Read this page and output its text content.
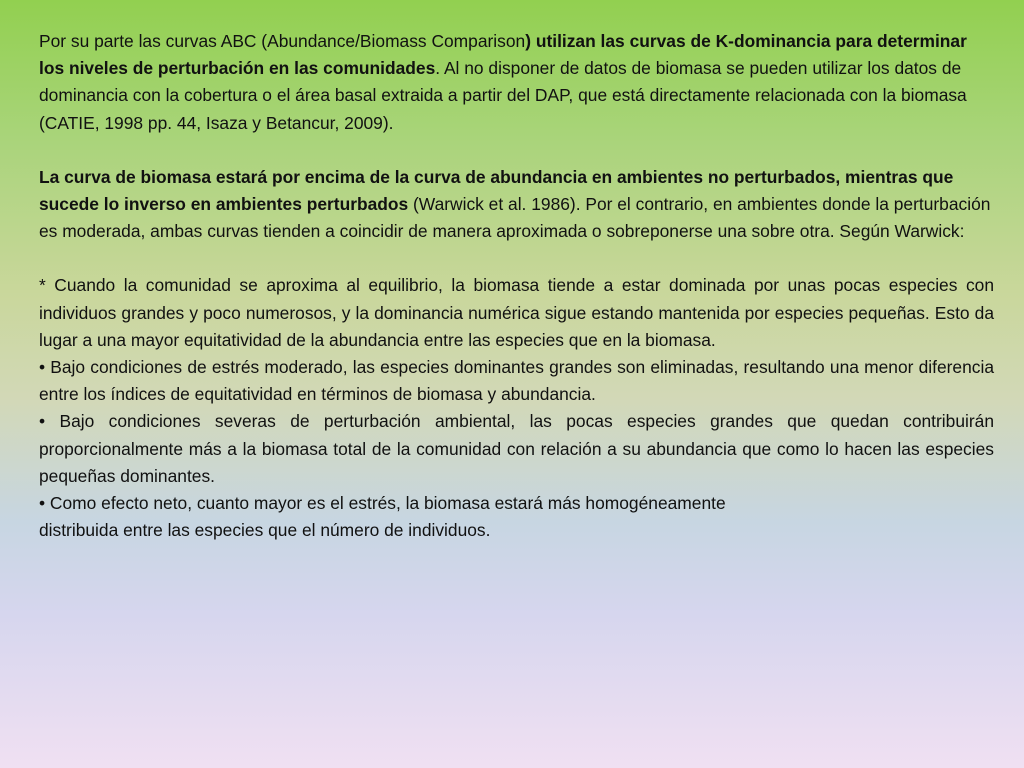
Por su parte las curvas ABC (Abundance/Biomass Comparison) utilizan las curvas de K-dominancia para determinar los niveles de perturbación en las comunidades. Al no disponer de datos de biomasa se pueden utilizar los datos de dominancia con la cobertura o el área basal extraida a partir del DAP, que está directamente relacionada con la biomasa (CATIE, 1998 pp. 44, Isaza y Betancur, 2009).

La curva de biomasa estará por encima de la curva de abundancia en ambientes no perturbados, mientras que sucede lo inverso en ambientes perturbados (Warwick et al. 1986). Por el contrario, en ambientes donde la perturbación es moderada, ambas curvas tienden a coincidir de manera aproximada o sobreponerse una sobre otra. Según Warwick:

* Cuando la comunidad se aproxima al equilibrio, la biomasa tiende a estar dominada por unas pocas especies con individuos grandes y poco numerosos, y la dominancia numérica sigue estando mantenida por especies pequeñas. Esto da lugar a una mayor equitatividad de la abundancia entre las especies que en la biomasa.

• Bajo condiciones de estrés moderado, las especies dominantes grandes son eliminadas, resultando una menor diferencia entre los índices de equitatividad en términos de biomasa y abundancia.

• Bajo condiciones severas de perturbación ambiental, las pocas especies grandes que quedan contribuirán proporcionalmente más a la biomasa total de la comunidad con relación a su abundancia que como lo hacen las especies pequeñas dominantes.

• Como efecto neto, cuanto mayor es el estrés, la biomasa estará más homogéneamente
distribuida entre las especies que el número de individuos.
